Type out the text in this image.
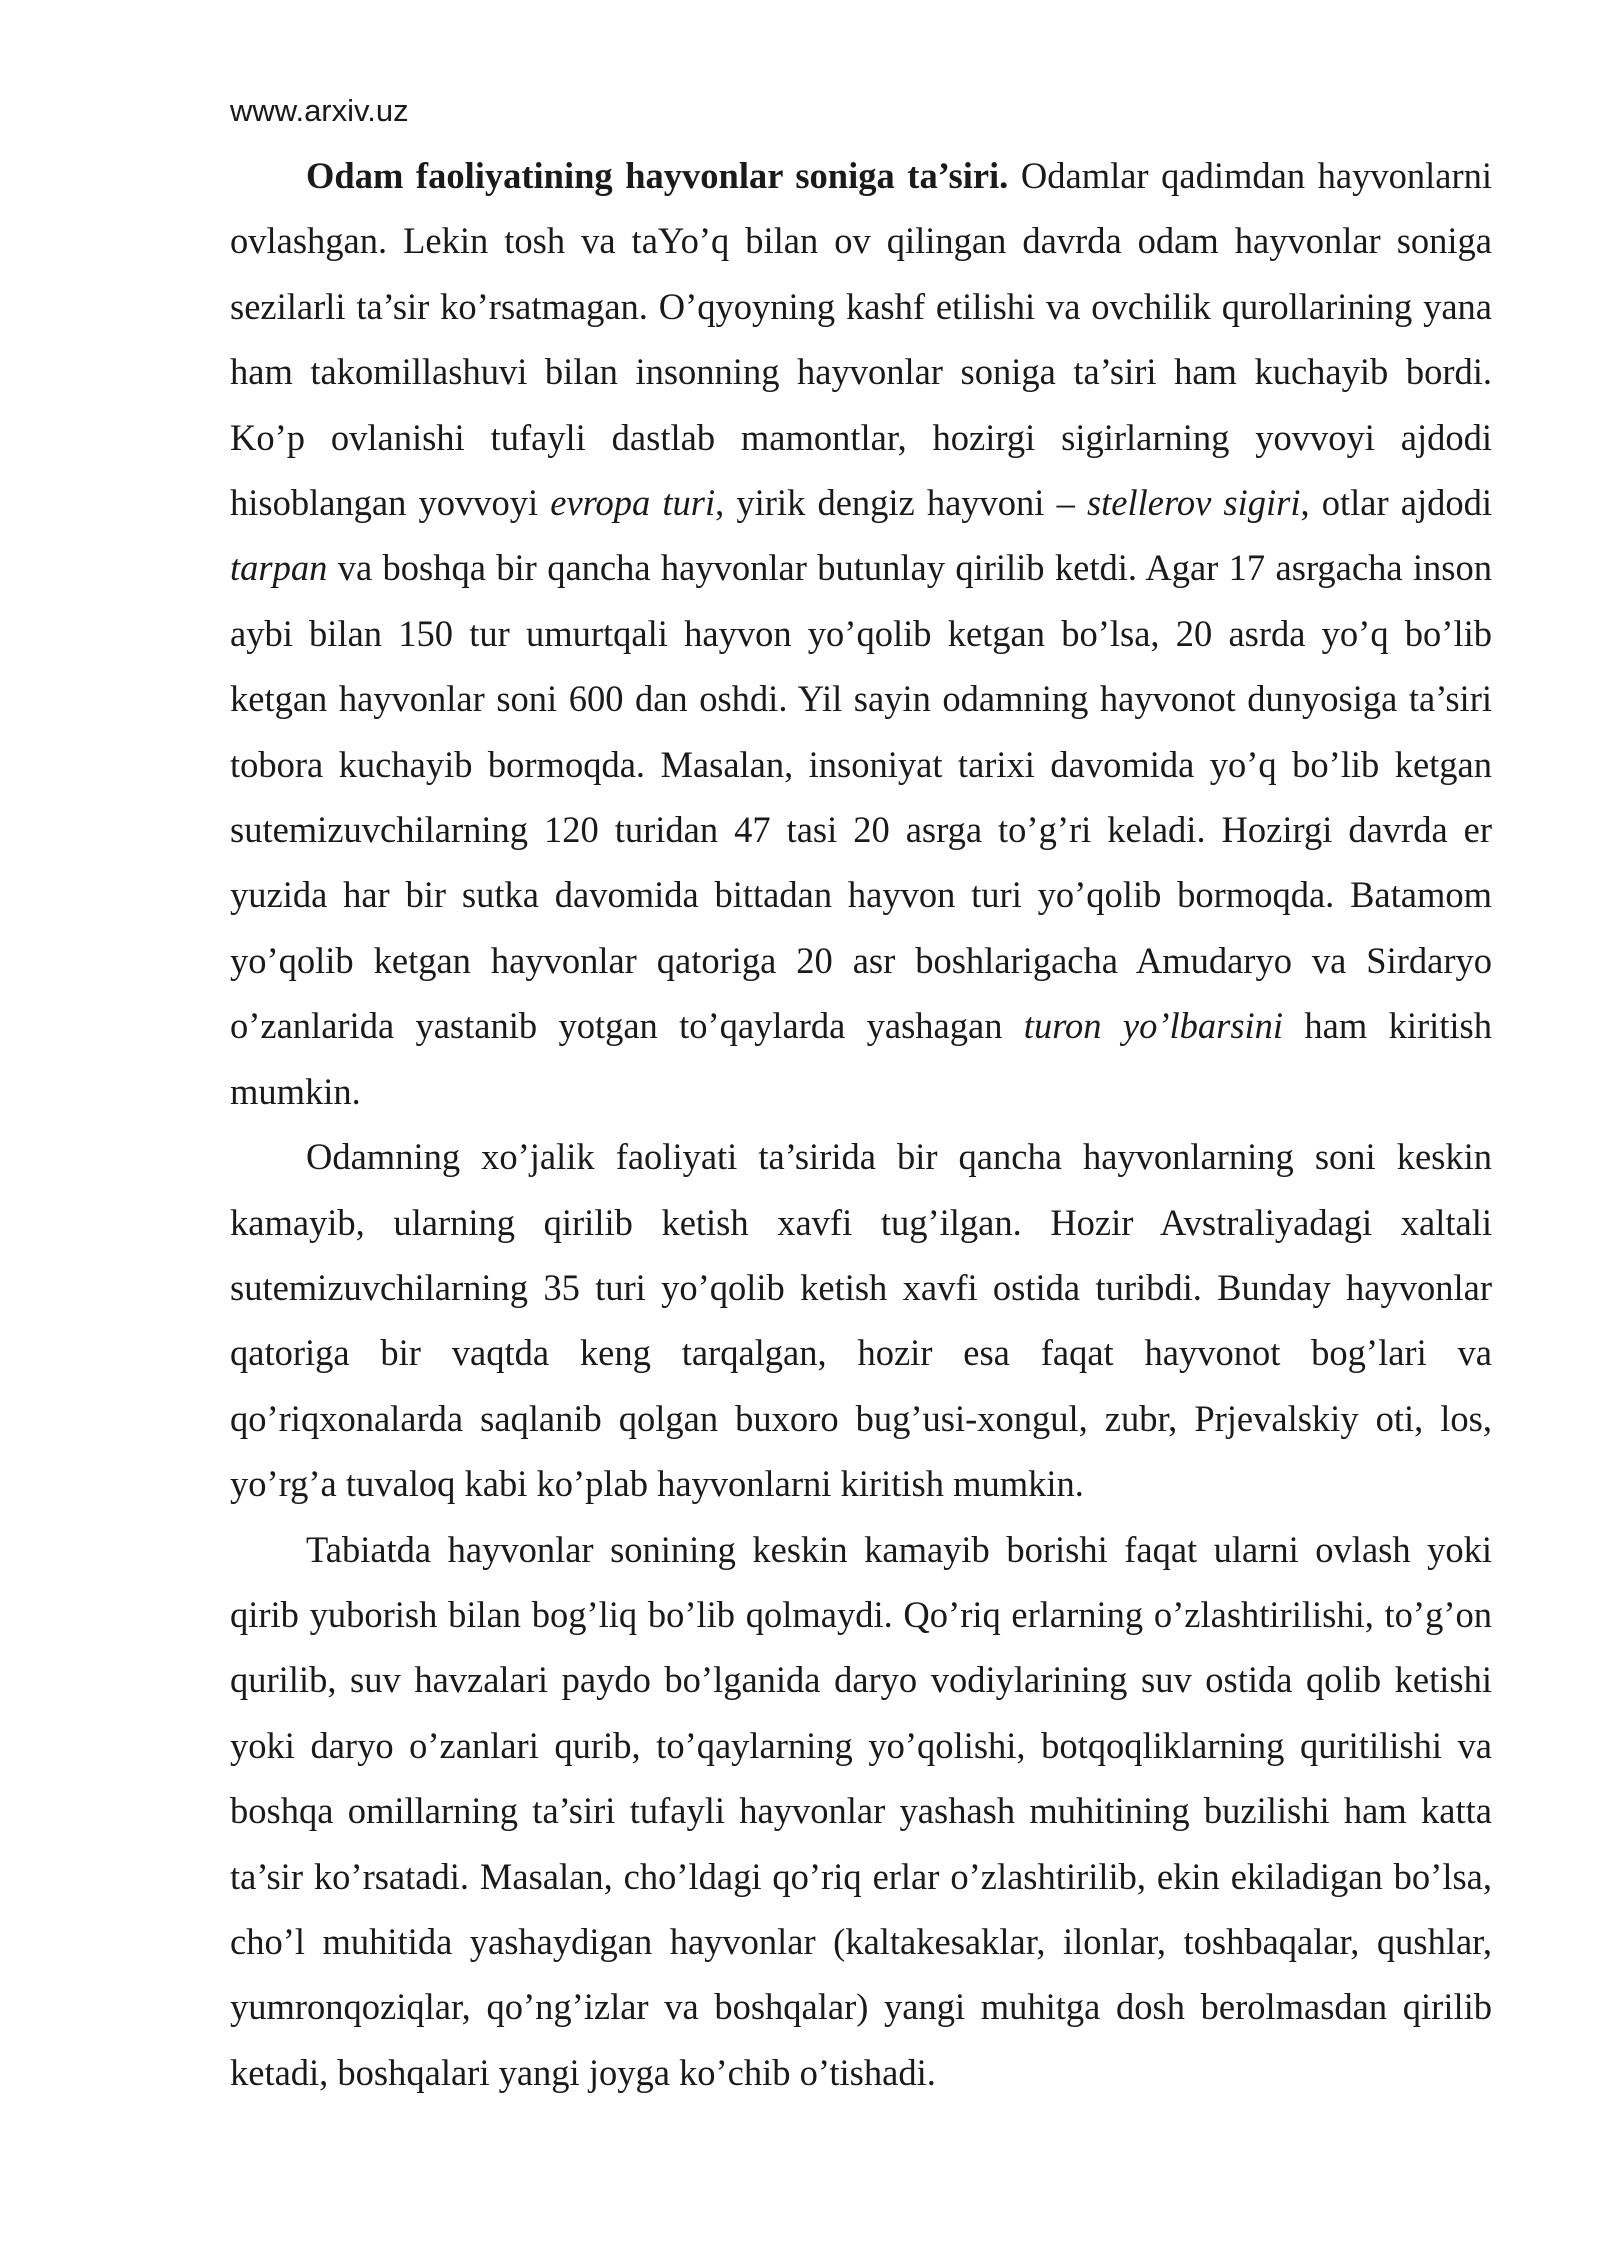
www.arxiv.uz

Odam faoliyatining hayvonlar soniga ta’siri. Odamlar qadimdan hayvonlarni ovlashgan. Lekin tosh va taYo’q bilan ov qilingan davrda odam hayvonlar soniga sezilarli ta’sir ko’rsatmagan. O’qyoyning kashf etilishi va ovchilik qurollarining yana ham takomillashuvi bilan insonning hayvonlar soniga ta’siri ham kuchayib bordi. Ko’p ovlanishi tufayli dastlab mamontlar, hozirgi sigirlarning yovvoyi ajdodi hisoblangan yovvoyi evropa turi, yirik dengiz hayvoni – stellerov sigiri, otlar ajdodi tarpan va boshqa bir qancha hayvonlar butunlay qirilib ketdi. Agar 17 asrgacha inson aybi bilan 150 tur umurtqali hayvon yo’qolib ketgan bo’lsa, 20 asrda yo’q bo’lib ketgan hayvonlar soni 600 dan oshdi. Yil sayin odamning hayvonot dunyosiga ta’siri tobora kuchayib bormoqda. Masalan, insoniyat tarixi davomida yo’q bo’lib ketgan sutemizuvchilarning 120 turidan 47 tasi 20 asrga to’g’ri keladi. Hozirgi davrda er yuzida har bir sutka davomida bittadan hayvon turi yo’qolib bormoqda. Batamom yo’qolib ketgan hayvonlar qatoriga 20 asr boshlarigacha Amudaryo va Sirdaryo o’zanlarida yastanib yotgan to’qaylarda yashagan turon yo’lbarsini ham kiritish mumkin.

Odamning xo’jalik faoliyati ta’sirida bir qancha hayvonlarning soni keskin kamayib, ularning qirilib ketish xavfi tug’ilgan. Hozir Avstraliyadagi xaltali sutemizuvchilarning 35 turi yo’qolib ketish xavfi ostida turibdi. Bunday hayvonlar qatoriga bir vaqtda keng tarqalgan, hozir esa faqat hayvonot bog’lari va qo’riqxonalarda saqlanib qolgan buxoro bug’usi-xongul, zubr, Prjevalskiy oti, los, yo’rg’a tuvaloq kabi ko’plab hayvonlarni kiritish mumkin.

Tabiatda hayvonlar sonining keskin kamayib borishi faqat ularni ovlash yoki qirib yuborish bilan bog’liq bo’lib qolmaydi. Qo’riq erlarning o’zlashtirilishi, to’g’on qurilib, suv havzalari paydo bo’lganida daryo vodiylarining suv ostida qolib ketishi yoki daryo o’zanlari qurib, to’qaylarning yo’qolishi, botqoqliklarning quritilishi va boshqa omillarning ta’siri tufayli hayvonlar yashash muhitining buzilishi ham katta ta’sir ko’rsatadi. Masalan, cho’ldagi qo’riq erlar o’zlashtirilib, ekin ekiladigan bo’lsa, cho’l muhitida yashaydigan hayvonlar (kaltakesaklar, ilonlar, toshbaqalar, qushlar, yumronqoziqlar, qo’ng’izlar va boshqalar) yangi muhitga dosh berolmasdan qirilib ketadi, boshqalari yangi joyga ko’chib o’tishadi.
